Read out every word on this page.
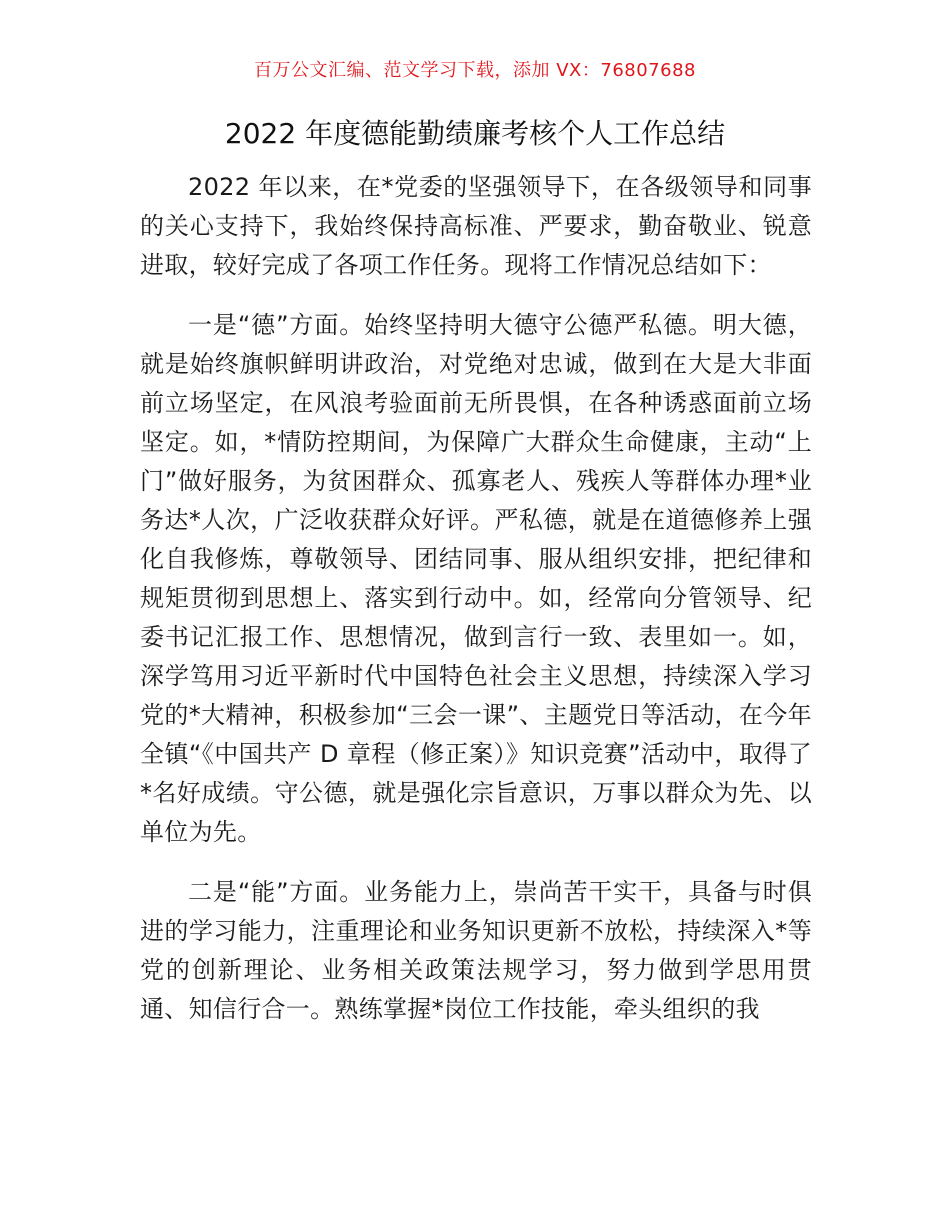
百万公文汇编、范文学习下载，添加 VX：76807688
2022 年度德能勤绩廉考核个人工作总结

2022 年以来，在*党委的坚强领导下，在各级领导和同事的关心支持下，我始终保持高标准、严要求，勤奋敬业、锐意进取，较好完成了各项工作任务。现将工作情况总结如下：

一是“德”方面。始终坚持明大德守公德严私德。明大德，就是始终旗帜鲜明讲政治，对党绝对忠诚，做到在大是大非面前立场坚定，在风浪考验面前无所畏惧，在各种诱惑面前立场坚定。如，*情防控期间，为保障广大群众生命健康，主动“上门”做好服务，为贫困群众、孤寡老人、残疾人等群体办理*业务达*人次，广泛收获群众好评。严私德，就是在道德修养上强化自我修炼，尊敬领导、团结同事、服从组织安排，把纪律和规矩贯彻到思想上、落实到行动中。如，经常向分管领导、纪委书记汇报工作、思想情况，做到言行一致、表里如一。如，深学笃用习近平新时代中国特色社会主义思想，持续深入学习党的*大精神，积极参加“三会一课”、主题党日等活动，在今年全镇“《中国共产 D 章程（修正案）》知识竞赛”活动中，取得了*名好成绩。守公德，就是强化宗旨意识，万事以群众为先、以单位为先。

二是“能”方面。业务能力上，崇尚苦干实干，具备与时俱进的学习能力，注重理论和业务知识更新不放松，持续深入*等党的创新理论、业务相关政策法规学习，努力做到学思用贯通、知信行合一。熟练掌握*岗位工作技能，牵头组织的我
